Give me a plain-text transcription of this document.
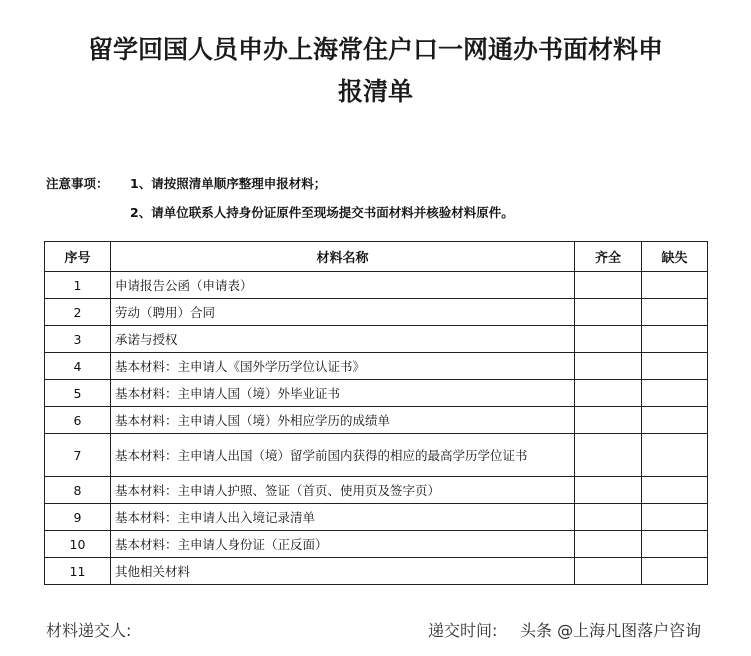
留学回国人员申办上海常住户口一网通办书面材料申
报清单
注意事项： 1、请按照清单顺序整理申报材料；
2、请单位联系人持身份证原件至现场提交书面材料并核验材料原件。
序号	材料名称	齐全	缺失
1	申请报告公函（申请表）		
2	劳动（聘用）合同		
3	承诺与授权		
4	基本材料：主申请人《国外学历学位认证书》		
5	基本材料：主申请人国（境）外毕业证书		
6	基本材料：主申请人国（境）外相应学历的成绩单		
7	基本材料：主申请人出国（境）留学前国内获得的相应的最高学历学位证书		
8	基本材料：主申请人护照、签证（首页、使用页及签字页）		
9	基本材料：主申请人出入境记录清单		
10	基本材料：主申请人身份证（正反面）		
11	其他相关材料		
材料递交人:	递交时间: 头条 @上海凡图落户咨询
